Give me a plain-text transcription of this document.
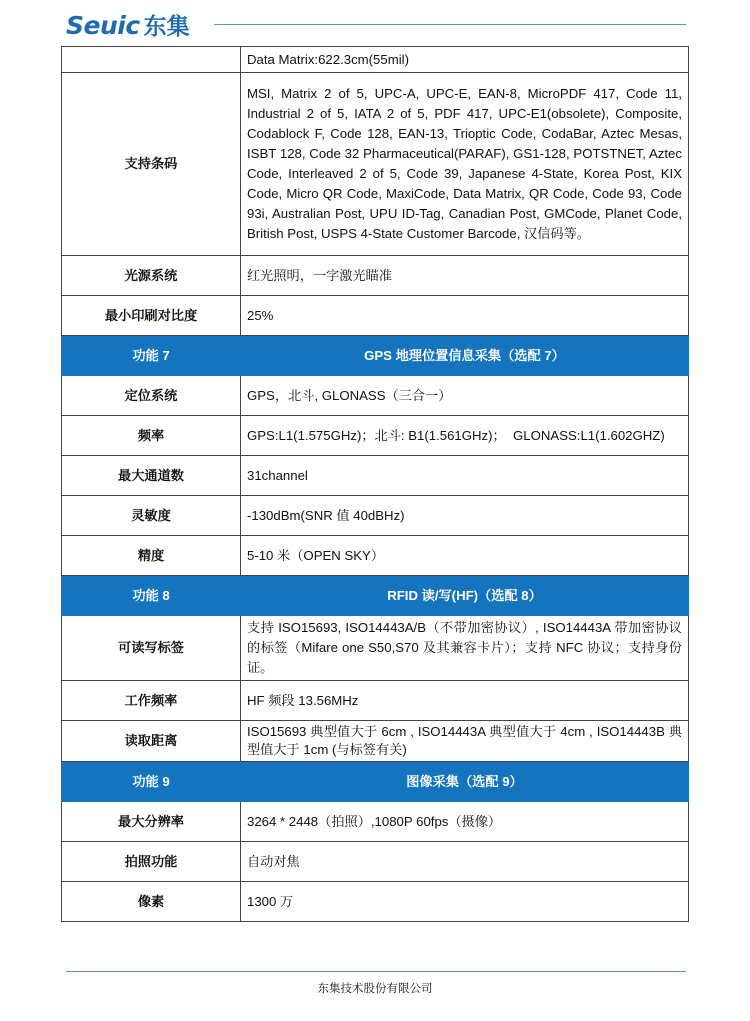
Seuic 东集
	Data Matrix:622.3cm(55mil)
支持条码	MSI, Matrix 2 of 5, UPC-A, UPC-E, EAN-8, MicroPDF 417, Code 11, Industrial 2 of 5, IATA 2 of 5, PDF 417, UPC-E1(obsolete), Composite, Codablock F, Code 128, EAN-13, Trioptic Code, CodaBar, Aztec Mesas, ISBT 128, Code 32 Pharmaceutical(PARAF), GS1-128, POTSTNET, Aztec Code, Interleaved 2 of 5, Code 39, Japanese 4-State, Korea Post, KIX Code, Micro QR Code, MaxiCode, Data Matrix, QR Code, Code 93, Code 93i, Australian Post, UPU ID-Tag, Canadian Post, GMCode, Planet Code, British Post, USPS 4-State Customer Barcode, 汉信码等。
光源系统	红光照明，一字激光瞄准
最小印刷对比度	25%
功能 7	GPS 地理位置信息采集（选配 7）
定位系统	GPS，北斗, GLONASS（三合一）
频率	GPS:L1(1.575GHz)；北斗: B1(1.561GHz)；  GLONASS:L1(1.602GHZ)
最大通道数	31channel
灵敏度	-130dBm(SNR 值 40dBHz)
精度	5-10 米（OPEN SKY）
功能 8	RFID 读/写(HF)（选配 8）
可读写标签	支持 ISO15693, ISO14443A/B（不带加密协议）, ISO14443A 带加密协议的标签（Mifare one S50,S70 及其兼容卡片）；支持 NFC 协议；支持身份证。
工作频率	HF 频段 13.56MHz
读取距离	ISO15693 典型值大于 6cm , ISO14443A 典型值大于 4cm , ISO14443B 典型值大于 1cm (与标签有关)
功能 9	图像采集（选配 9）
最大分辨率	3264 * 2448（拍照）,1080P 60fps（摄像）
拍照功能	自动对焦
像素	1300 万
东集技术股份有限公司
